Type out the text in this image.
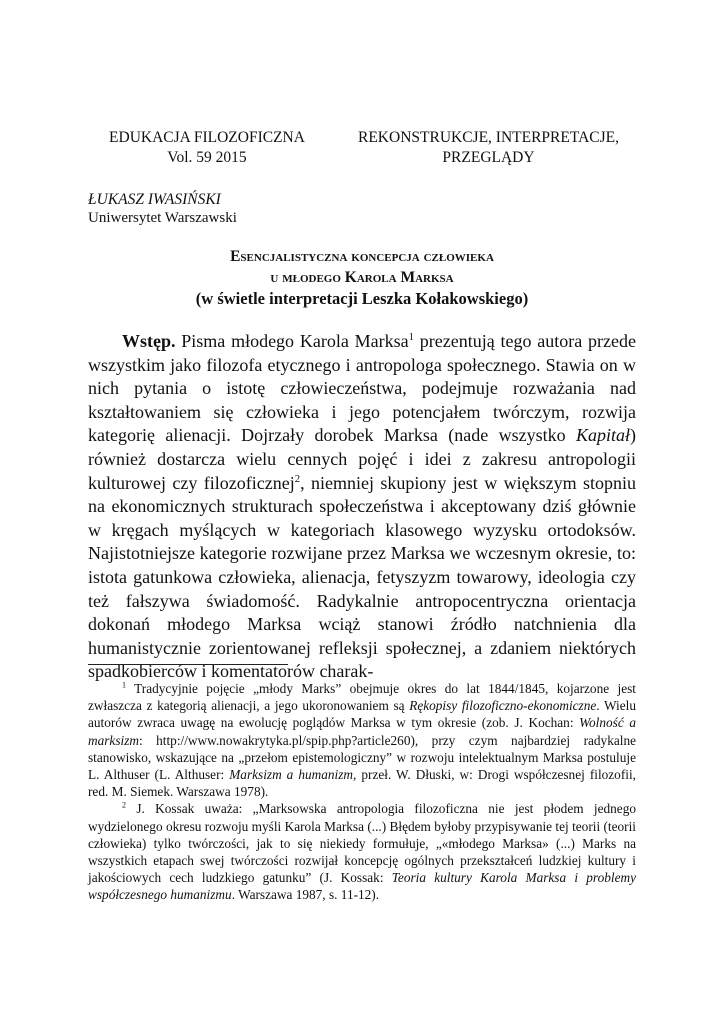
EDUKACJA FILOZOFICZNA
Vol. 59 2015
REKONSTRUKCJE, INTERPRETACJE,
PRZEGLĄDY
ŁUKASZ IWASIŃSKI
Uniwersytet Warszawski
Esencjalistyczna koncepcja człowieka
u młodego Karola Marksa
(w świetle interpretacji Leszka Kołakowskiego)

Wstęp. Pisma młodego Karola Marksa$^1$ prezentują tego autora przede wszystkim jako filozofa etycznego i antropologa społecznego. Stawia on w nich pytania o istotę człowieczeństwa, podejmuje rozważania nad kształtowaniem się człowieka i jego potencjałem twórczym, rozwija kategorię alienacji. Dojrzały dorobek Marksa (nade wszystko Kapitał) również dostarcza wielu cennych pojęć i idei z zakresu antropologii kulturowej czy filozoficznej$^2$, niemniej skupiony jest w większym stopniu na ekonomicznych strukturach społeczeństwa i akceptowany dziś głównie w kręgach myślących w kategoriach klasowego wyzysku ortodoksów. Najistotniejsze kategorie rozwijane przez Marksa we wczesnym okresie, to: istota gatunkowa człowieka, alienacja, fetyszyzm towarowy, ideologia czy też fałszywa świadomość. Radykalnie antropocentryczna orientacja dokonań młodego Marksa wciąż stanowi źródło natchnienia dla humanistycznie zorientowanej refleksji społecznej, a zdaniem niektórych spadkobierców i komentatorów charak-

$^1$ Tradycyjnie pojęcie „młody Marks” obejmuje okres do lat 1844/1845, kojarzone jest zwłaszcza z kategorią alienacji, a jego ukoronowaniem są Rękopisy filozoficzno-ekonomiczne. Wielu autorów zwraca uwagę na ewolucję poglądów Marksa w tym okresie (zob. J. Kochan: Wolność a marksizm: http://www.nowakrytyka.pl/spip.php?article260), przy czym najbardziej radykalne stanowisko, wskazujące na „przełom epistemologiczny” w rozwoju intelektualnym Marksa postuluje L. Althuser (L. Althuser: Marksizm a humanizm, przeł. W. Dłuski, w: Drogi współczesnej filozofii, red. M. Siemek. Warszawa 1978).

$^2$ J. Kossak uważa: „Marksowska antropologia filozoficzna nie jest płodem jednego wydzielonego okresu rozwoju myśli Karola Marksa (...) Błędem byłoby przypisywanie tej teorii (teorii człowieka) tylko twórczości, jak to się niekiedy formułuje, „«młodego Marksa» (...) Marks na wszystkich etapach swej twórczości rozwijał koncepcję ogólnych przekształceń ludzkiej kultury i jakościowych cech ludzkiego gatunku” (J. Kossak: Teoria kultury Karola Marksa i problemy współczesnego humanizmu. Warszawa 1987, s. 11-12).
